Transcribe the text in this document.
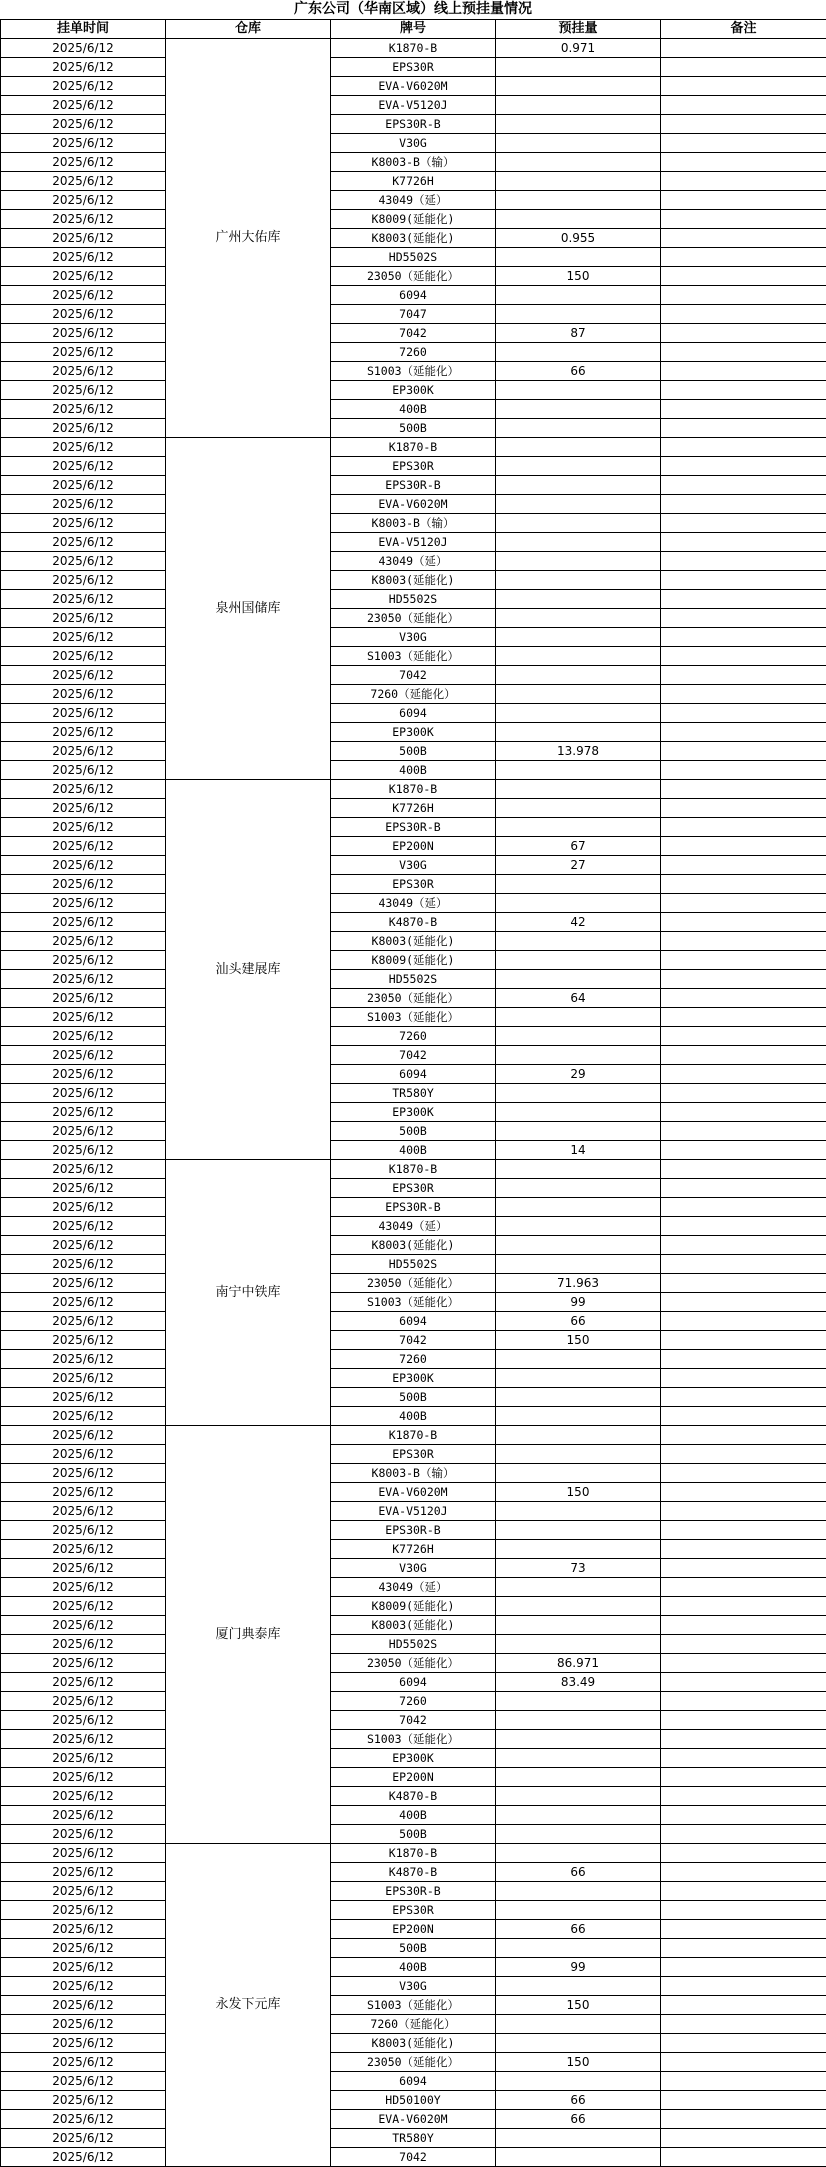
广东公司（华南区域）线上预挂量情况
挂单时间	仓库	牌号	预挂量	备注
2025/6/12	广州大佑库	K1870-B	0.971	
2025/6/12		EPS30R		
2025/6/12		EVA-V6020M		
2025/6/12		EVA-V5120J		
2025/6/12		EPS30R-B		
2025/6/12		V30G		
2025/6/12		K8003-B（输）		
2025/6/12		K7726H		
2025/6/12		43049（延）		
2025/6/12		K8009(延能化)		
2025/6/12		K8003(延能化)	0.955	
2025/6/12		HD5502S		
2025/6/12		23050（延能化）	150	
2025/6/12		6094		
2025/6/12		7047		
2025/6/12		7042	87	
2025/6/12		7260		
2025/6/12		S1003（延能化）	66	
2025/6/12		EP300K		
2025/6/12		400B		
2025/6/12		500B		
2025/6/12	泉州国储库	K1870-B		
2025/6/12		EPS30R		
2025/6/12		EPS30R-B		
2025/6/12		EVA-V6020M		
2025/6/12		K8003-B（输）		
2025/6/12		EVA-V5120J		
2025/6/12		43049（延）		
2025/6/12		K8003(延能化)		
2025/6/12		HD5502S		
2025/6/12		23050（延能化）		
2025/6/12		V30G		
2025/6/12		S1003（延能化）		
2025/6/12		7042		
2025/6/12		7260（延能化）		
2025/6/12		6094		
2025/6/12		EP300K		
2025/6/12		500B	13.978	
2025/6/12		400B		
2025/6/12	汕头建展库	K1870-B		
2025/6/12		K7726H		
2025/6/12		EPS30R-B		
2025/6/12		EP200N	67	
2025/6/12		V30G	27	
2025/6/12		EPS30R		
2025/6/12		43049（延）		
2025/6/12		K4870-B	42	
2025/6/12		K8003(延能化)		
2025/6/12		K8009(延能化)		
2025/6/12		HD5502S		
2025/6/12		23050（延能化）	64	
2025/6/12		S1003（延能化）		
2025/6/12		7260		
2025/6/12		7042		
2025/6/12		6094	29	
2025/6/12		TR580Y		
2025/6/12		EP300K		
2025/6/12		500B		
2025/6/12		400B	14	
2025/6/12	南宁中铁库	K1870-B		
2025/6/12		EPS30R		
2025/6/12		EPS30R-B		
2025/6/12		43049（延）		
2025/6/12		K8003(延能化)		
2025/6/12		HD5502S		
2025/6/12		23050（延能化）	71.963	
2025/6/12		S1003（延能化）	99	
2025/6/12		6094	66	
2025/6/12		7042	150	
2025/6/12		7260		
2025/6/12		EP300K		
2025/6/12		500B		
2025/6/12		400B		
2025/6/12	厦门典泰库	K1870-B		
2025/6/12		EPS30R		
2025/6/12		K8003-B（输）		
2025/6/12		EVA-V6020M	150	
2025/6/12		EVA-V5120J		
2025/6/12		EPS30R-B		
2025/6/12		K7726H		
2025/6/12		V30G	73	
2025/6/12		43049（延）		
2025/6/12		K8009(延能化)		
2025/6/12		K8003(延能化)		
2025/6/12		HD5502S		
2025/6/12		23050（延能化）	86.971	
2025/6/12		6094	83.49	
2025/6/12		7260		
2025/6/12		7042		
2025/6/12		S1003（延能化）		
2025/6/12		EP300K		
2025/6/12		EP200N		
2025/6/12		K4870-B		
2025/6/12		400B		
2025/6/12		500B		
2025/6/12	永发下元库	K1870-B		
2025/6/12		K4870-B	66	
2025/6/12		EPS30R-B		
2025/6/12		EPS30R		
2025/6/12		EP200N	66	
2025/6/12		500B		
2025/6/12		400B	99	
2025/6/12		V30G		
2025/6/12		S1003（延能化）	150	
2025/6/12		7260（延能化）		
2025/6/12		K8003(延能化)		
2025/6/12		23050（延能化）	150	
2025/6/12		6094		
2025/6/12		HD50100Y	66	
2025/6/12		EVA-V6020M	66	
2025/6/12		TR580Y		
2025/6/12		7042		
